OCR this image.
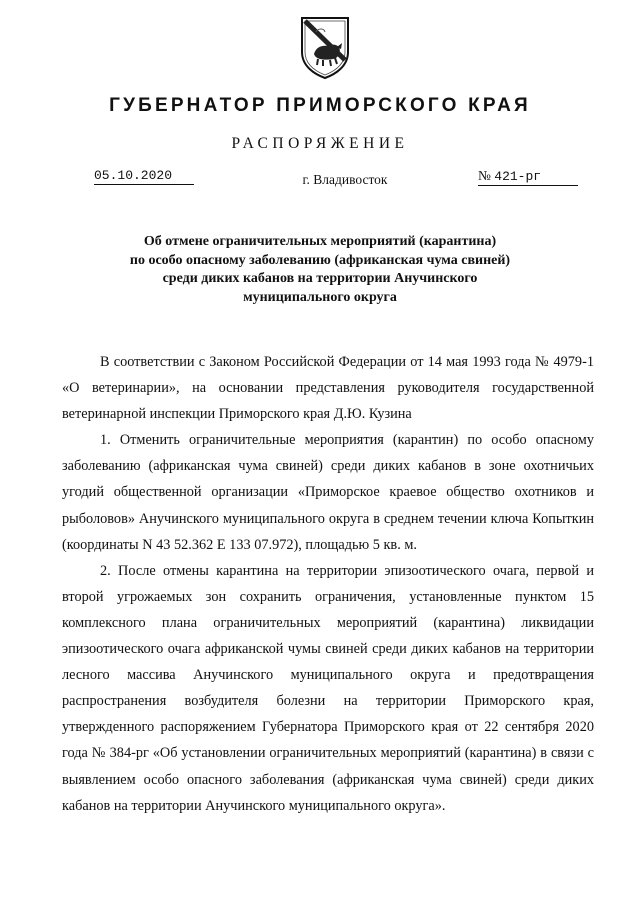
ГУБЕРНАТОР ПРИМОРСКОГО КРАЯ
РАСПОРЯЖЕНИЕ
05.10.2020	г. Владивосток	№ 421-рг
Об отмене ограничительных мероприятий (карантина)
по особо опасному заболеванию (африканская чума свиней)
среди диких кабанов на территории Анучинского
муниципального округа

В соответствии с Законом Российской Федерации от 14 мая 1993 года № 4979-1 «О ветеринарии», на основании представления руководителя государственной ветеринарной инспекции Приморского края Д.Ю. Кузина

1. Отменить ограничительные мероприятия (карантин) по особо опасному заболеванию (африканская чума свиней) среди диких кабанов в зоне охотничьих угодий общественной организации «Приморское краевое общество охотников и рыболовов» Анучинского муниципального округа в среднем течении ключа Копыткин (координаты N 43 52.362 E 133 07.972), площадью 5 кв. м.

2. После отмены карантина на территории эпизоотического очага, первой и второй угрожаемых зон сохранить ограничения, установленные пунктом 15 комплексного плана ограничительных мероприятий (карантина) ликвидации эпизоотического очага африканской чумы свиней среди диких кабанов на территории лесного массива Анучинского муниципального округа и предотвращения распространения возбудителя болезни на территории Приморского края, утвержденного распоряжением Губернатора Приморского края от 22 сентября 2020 года № 384-рг «Об установлении ограничительных мероприятий (карантина) в связи с выявлением особо опасного заболевания (африканская чума свиней) среди диких кабанов на территории Анучинского муниципального округа».
